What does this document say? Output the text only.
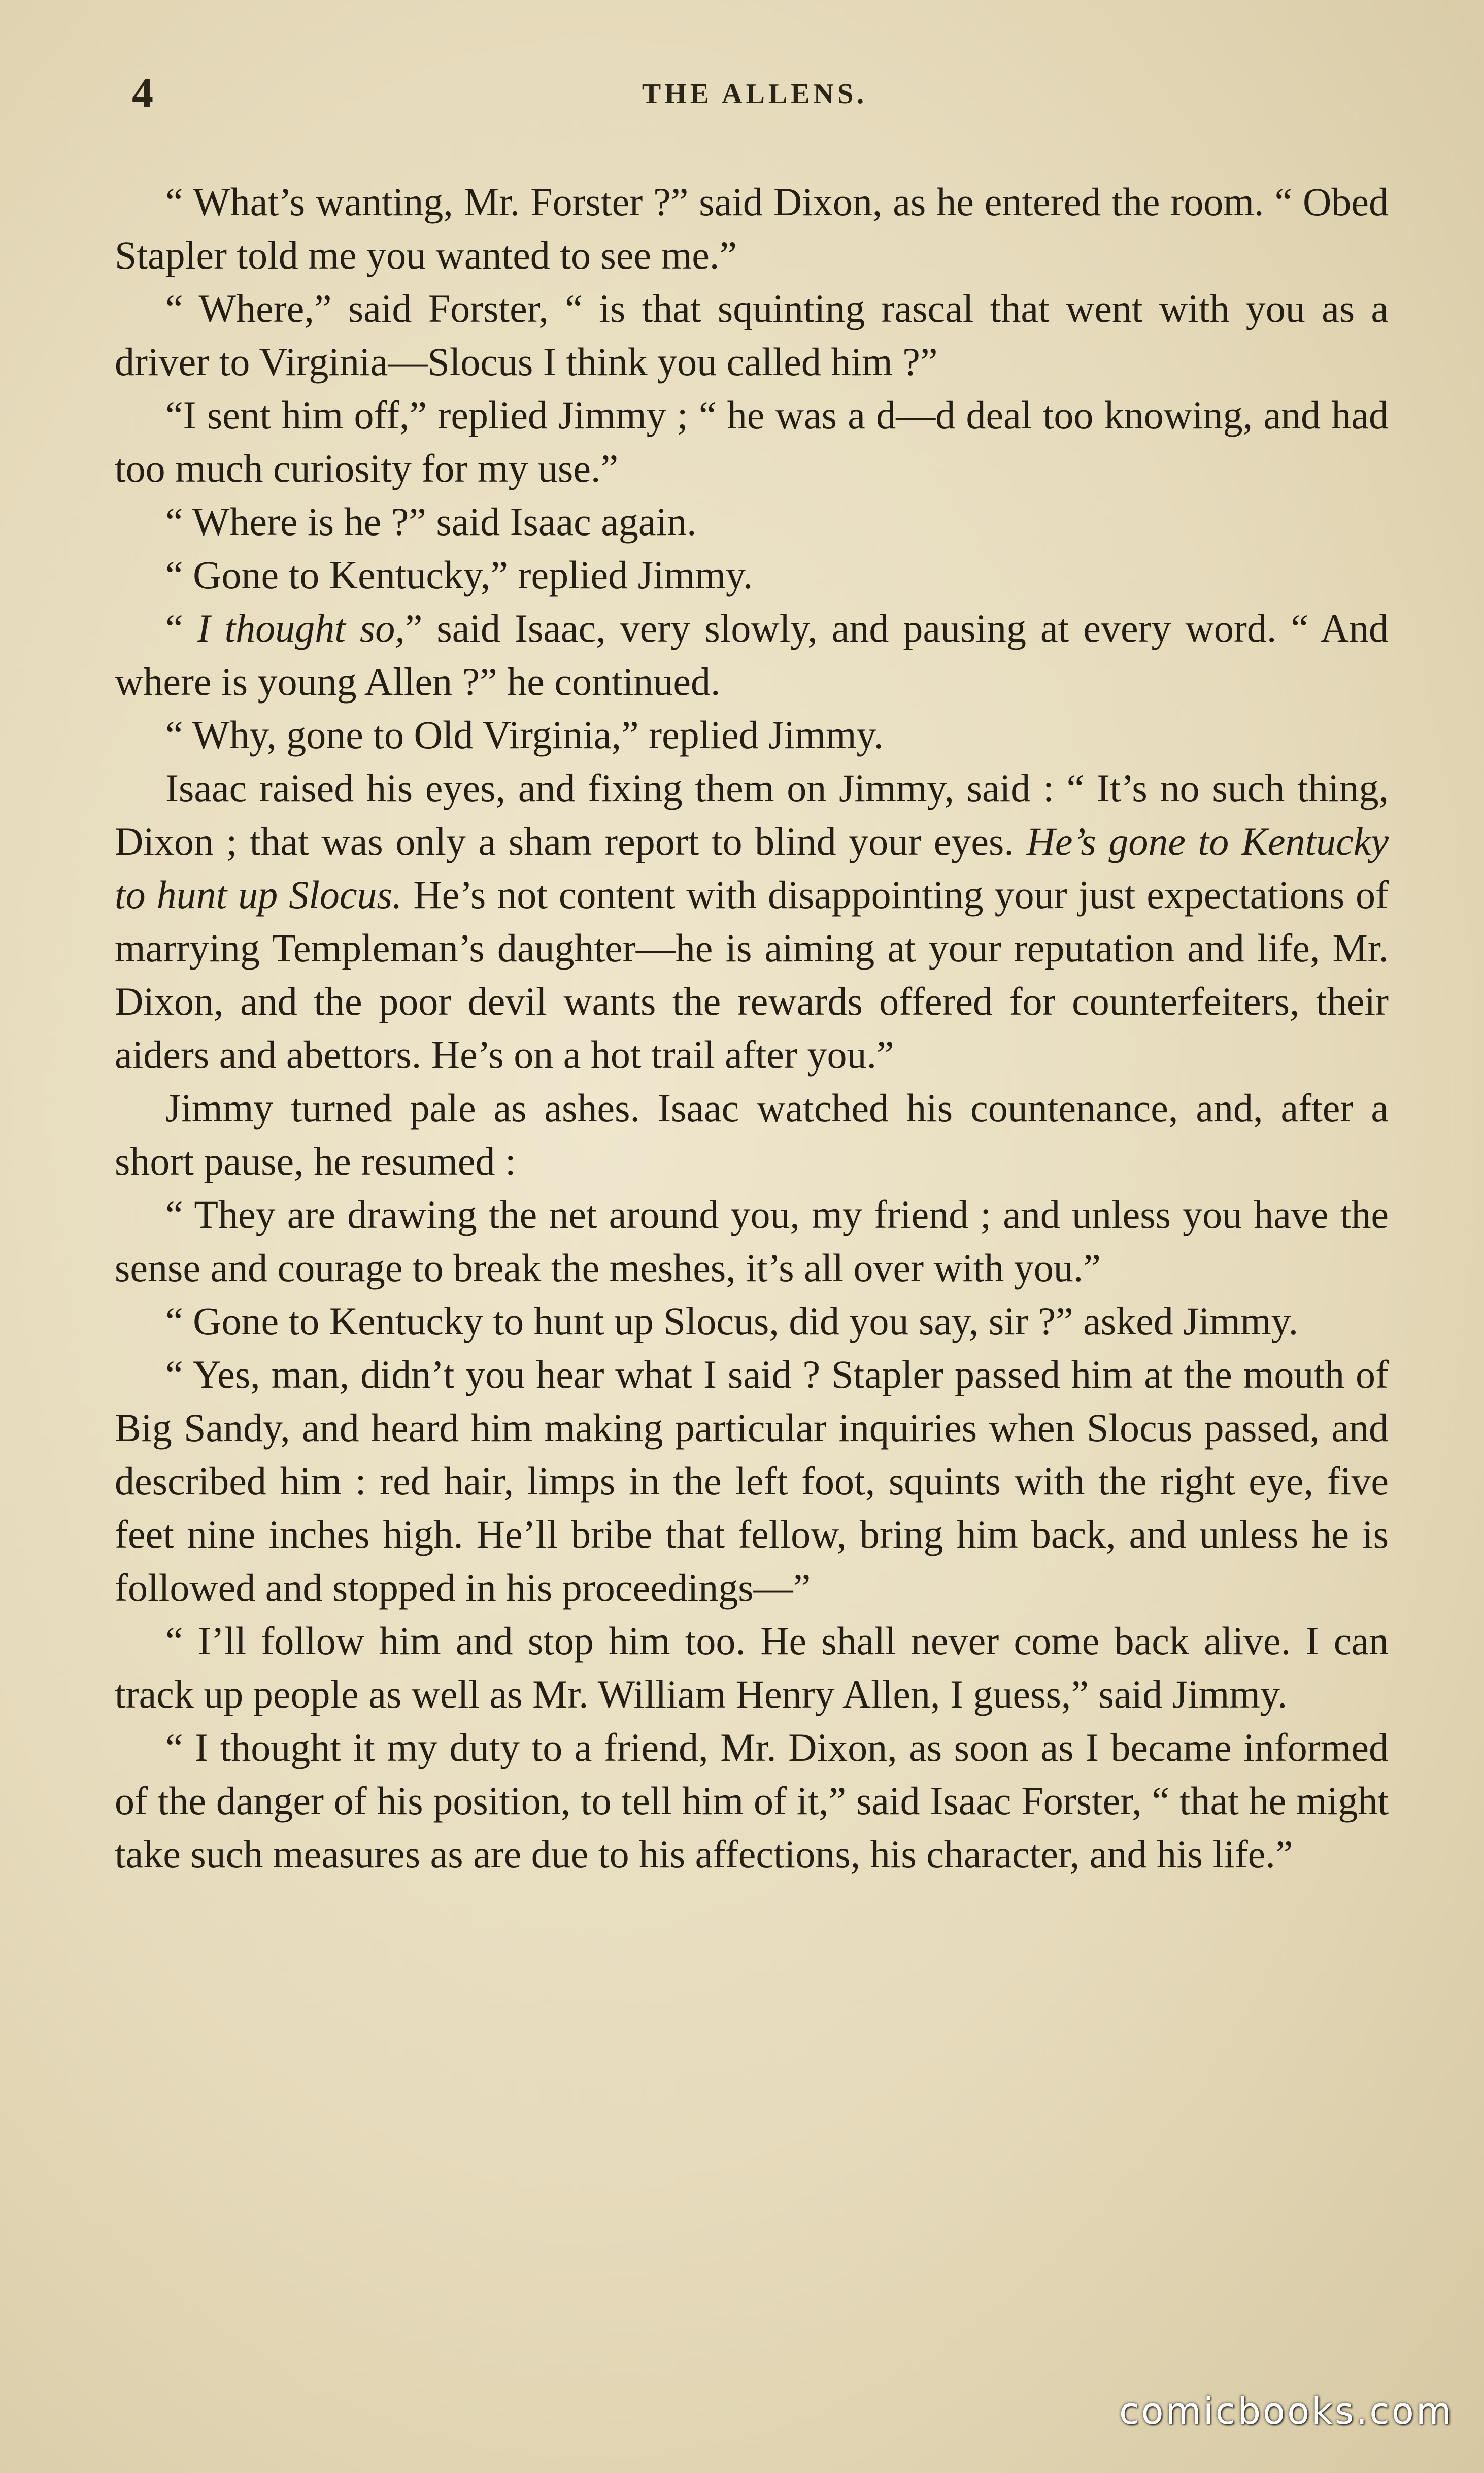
4	THE ALLENS.

“ What’s wanting, Mr. Forster ?” said Dixon, as he entered the room. “ Obed Stapler told me you wanted to see me.”

“ Where,” said Forster, “ is that squinting rascal that went with you as a driver to Virginia—Slocus I think you called him ?”

“I sent him off,” replied Jimmy ; “ he was a d—d deal too knowing, and had too much curiosity for my use.”

“ Where is he ?” said Isaac again.

“ Gone to Kentucky,” replied Jimmy.

“ I thought so,” said Isaac, very slowly, and pausing at every word. “ And where is young Allen ?” he continued.

“ Why, gone to Old Virginia,” replied Jimmy.

Isaac raised his eyes, and fixing them on Jimmy, said : “ It’s no such thing, Dixon ; that was only a sham report to blind your eyes. He’s gone to Kentucky to hunt up Slocus. He’s not content with disappointing your just expectations of marrying Templeman’s daughter—he is aiming at your reputation and life, Mr. Dixon, and the poor devil wants the rewards offered for counterfeiters, their aiders and abettors. He’s on a hot trail after you.”

Jimmy turned pale as ashes. Isaac watched his countenance, and, after a short pause, he resumed :

“ They are drawing the net around you, my friend ; and unless you have the sense and courage to break the meshes, it’s all over with you.”

“ Gone to Kentucky to hunt up Slocus, did you say, sir ?” asked Jimmy.

“ Yes, man, didn’t you hear what I said ? Stapler passed him at the mouth of Big Sandy, and heard him making particular inquiries when Slocus passed, and described him : red hair, limps in the left foot, squints with the right eye, five feet nine inches high. He’ll bribe that fellow, bring him back, and unless he is followed and stopped in his proceedings—”

“ I’ll follow him and stop him too. He shall never come back alive. I can track up people as well as Mr. William Henry Allen, I guess,” said Jimmy.

“ I thought it my duty to a friend, Mr. Dixon, as soon as I became informed of the danger of his position, to tell him of it,” said Isaac Forster, “ that he might take such measures as are due to his affections, his character, and his life.”

comicbooks.com
